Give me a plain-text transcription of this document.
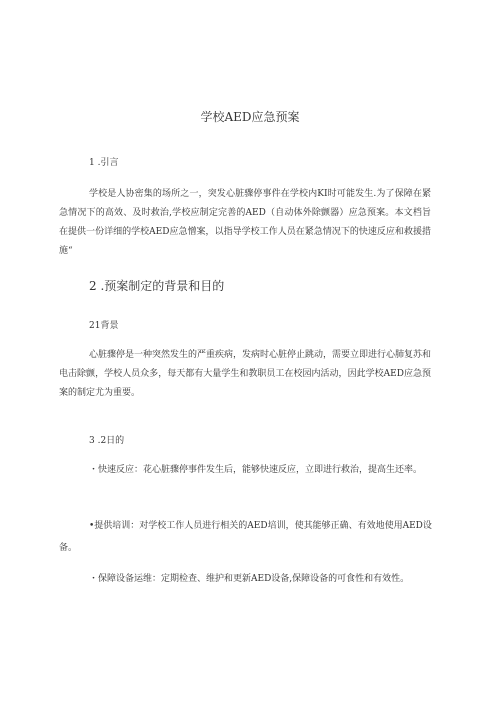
学校AED应急预案
1 .引言
学校是人协密集的场所之一，突发心脏骤停事件在学校内KI时可能发生.为了保障在紧急情况下的高效、及时救治,学校应制定完善的AED（自动体外除颤器）应急预案。本文档旨在提供一份详细的学校AED应急憎案，以指导学校工作人员在紧急情况下的快速反应和救援措施“
2 .预案制定的背景和目的
21背景
心脏骤停是一种突然发生的严重疾病，发病时心脏停止跳动，需要立即进行心肺复苏和电击除颤，学校人员众多，每天都有大量学生和教职员工在校园内活动，因此学校AED应急预案的制定尤为重要。
3 .2日的
・快速反应：花心脏骤停事件发生后，能够快速反应，立即进行救治，提高生还率。
•提供培训：对学校工作人员进行相关的AED培训，使其能够正确、有效地使用AED设备。
・保障设备运维：定期检查、维护和更新AED设备,保障设备的可食性和有效性。
